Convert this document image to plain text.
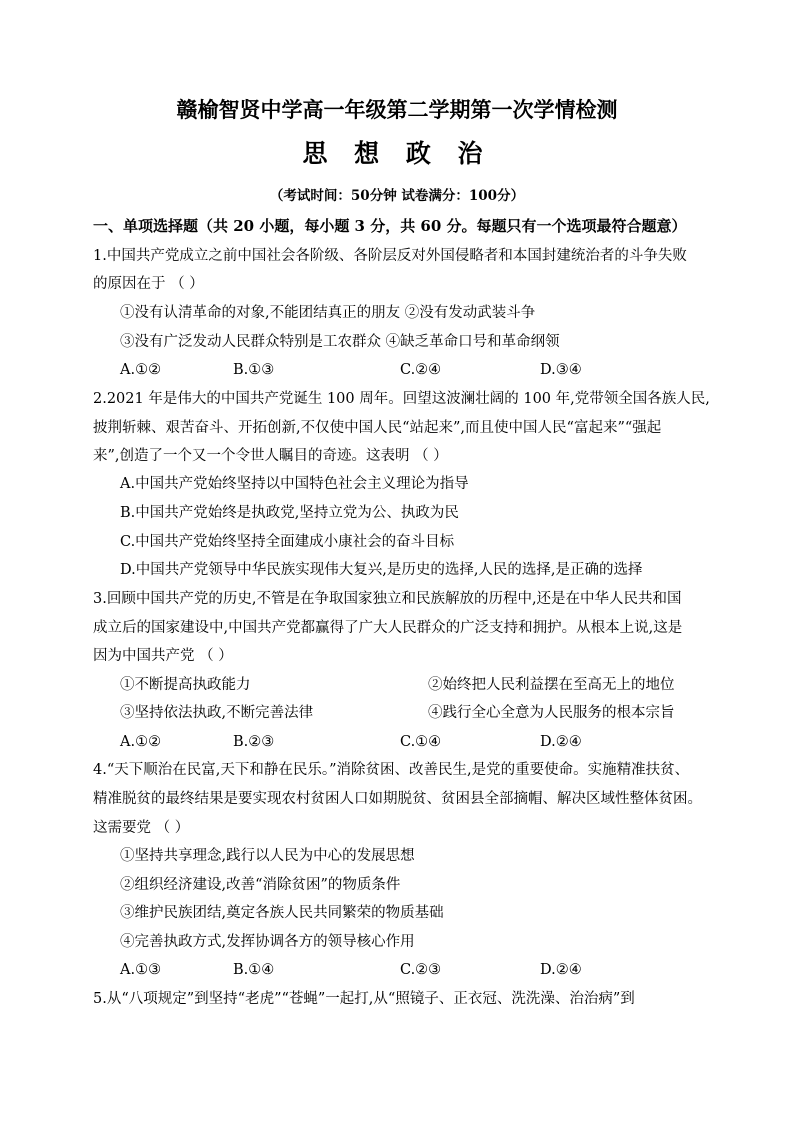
赣榆智贤中学高一年级第二学期第一次学情检测
思 想 政 治
（考试时间：50分钟 试卷满分：100分）
一、单项选择题（共 20 小题，每小题 3 分，共 60 分。每题只有一个选项最符合题意）
1.中国共产党成立之前中国社会各阶级、各阶层反对外国侵略者和本国封建统治者的斗争失败
的原因在于 （ ）
①没有认清革命的对象,不能团结真正的朋友 ②没有发动武装斗争
③没有广泛发动人民群众特别是工农群众 ④缺乏革命口号和革命纲领
A.①②	B.①③	C.②④	D.③④
2.2021 年是伟大的中国共产党诞生 100 周年。回望这波澜壮阔的 100 年,党带领全国各族人民,
披荆斩棘、艰苦奋斗、开拓创新,不仅使中国人民“站起来”,而且使中国人民“富起来”“强起
来”,创造了一个又一个令世人瞩目的奇迹。这表明 （ ）
A.中国共产党始终坚持以中国特色社会主义理论为指导
B.中国共产党始终是执政党,坚持立党为公、执政为民
C.中国共产党始终坚持全面建成小康社会的奋斗目标
D.中国共产党领导中华民族实现伟大复兴,是历史的选择,人民的选择,是正确的选择
3.回顾中国共产党的历史,不管是在争取国家独立和民族解放的历程中,还是在中华人民共和国
成立后的国家建设中,中国共产党都赢得了广大人民群众的广泛支持和拥护。从根本上说,这是
因为中国共产党 （ ）
①不断提高执政能力	②始终把人民利益摆在至高无上的地位
③坚持依法执政,不断完善法律	④践行全心全意为人民服务的根本宗旨
A.①②	B.②③	C.①④	D.②④
4.“天下顺治在民富,天下和静在民乐。”消除贫困、改善民生,是党的重要使命。实施精准扶贫、
精准脱贫的最终结果是要实现农村贫困人口如期脱贫、贫困县全部摘帽、解决区域性整体贫困。
这需要党 （ ）
①坚持共享理念,践行以人民为中心的发展思想
②组织经济建设,改善“消除贫困”的物质条件
③维护民族团结,奠定各族人民共同繁荣的物质基础
④完善执政方式,发挥协调各方的领导核心作用
A.①③	B.①④	C.②③	D.②④
5.从“八项规定”到坚持“老虎”“苍蝇”一起打,从“照镜子、正衣冠、洗洗澡、治治病”到
